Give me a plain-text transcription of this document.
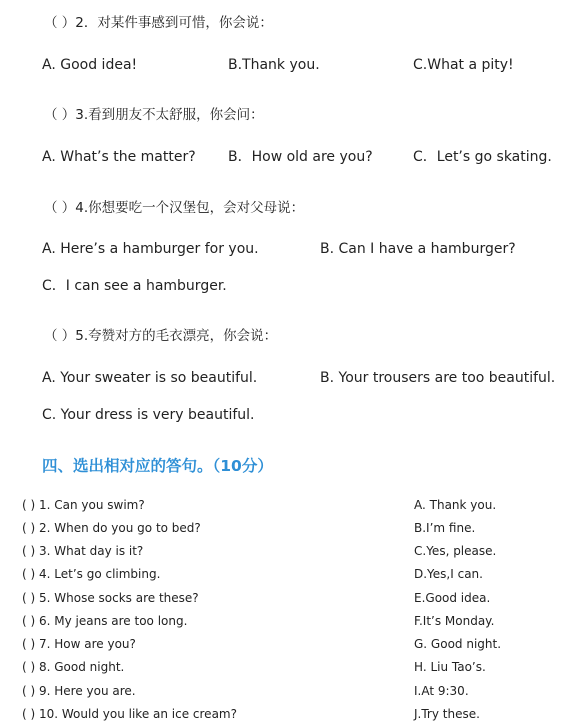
（ ）2．对某件事感到可惜，你会说：
A. Good idea!	B.Thank you.	C.What a pity!
（ ）3.看到朋友不太舒服，你会问：
A. What’s the matter? B．How old are you?	C．Let’s go skating.
（ ）4.你想要吃一个汉堡包，会对父母说：
A. Here’s a hamburger for you.	B. Can I have a hamburger?
C．I can see a hamburger.
（ ）5.夸赞对方的毛衣漂亮，你会说：
A. Your sweater is so beautiful.	B. Your trousers are too beautiful.
C. Your dress is very beautiful.
四、选出相对应的答句。（10分）
( ) 1. Can you swim?	A. Thank you.
( ) 2. When do you go to bed?	B.I’m fine.
( ) 3. What day is it?	C.Yes, please.
( ) 4. Let’s go climbing.	D.Yes,I can.
( ) 5. Whose socks are these?	E.Good idea.
( ) 6. My jeans are too long.	F.It’s Monday.
( ) 7. How are you?	G. Good night.
( ) 8. Good night.	H. Liu Tao’s.
( ) 9. Here you are.	I.At 9:30.
( ) 10. Would you like an ice cream?	J.Try these.
